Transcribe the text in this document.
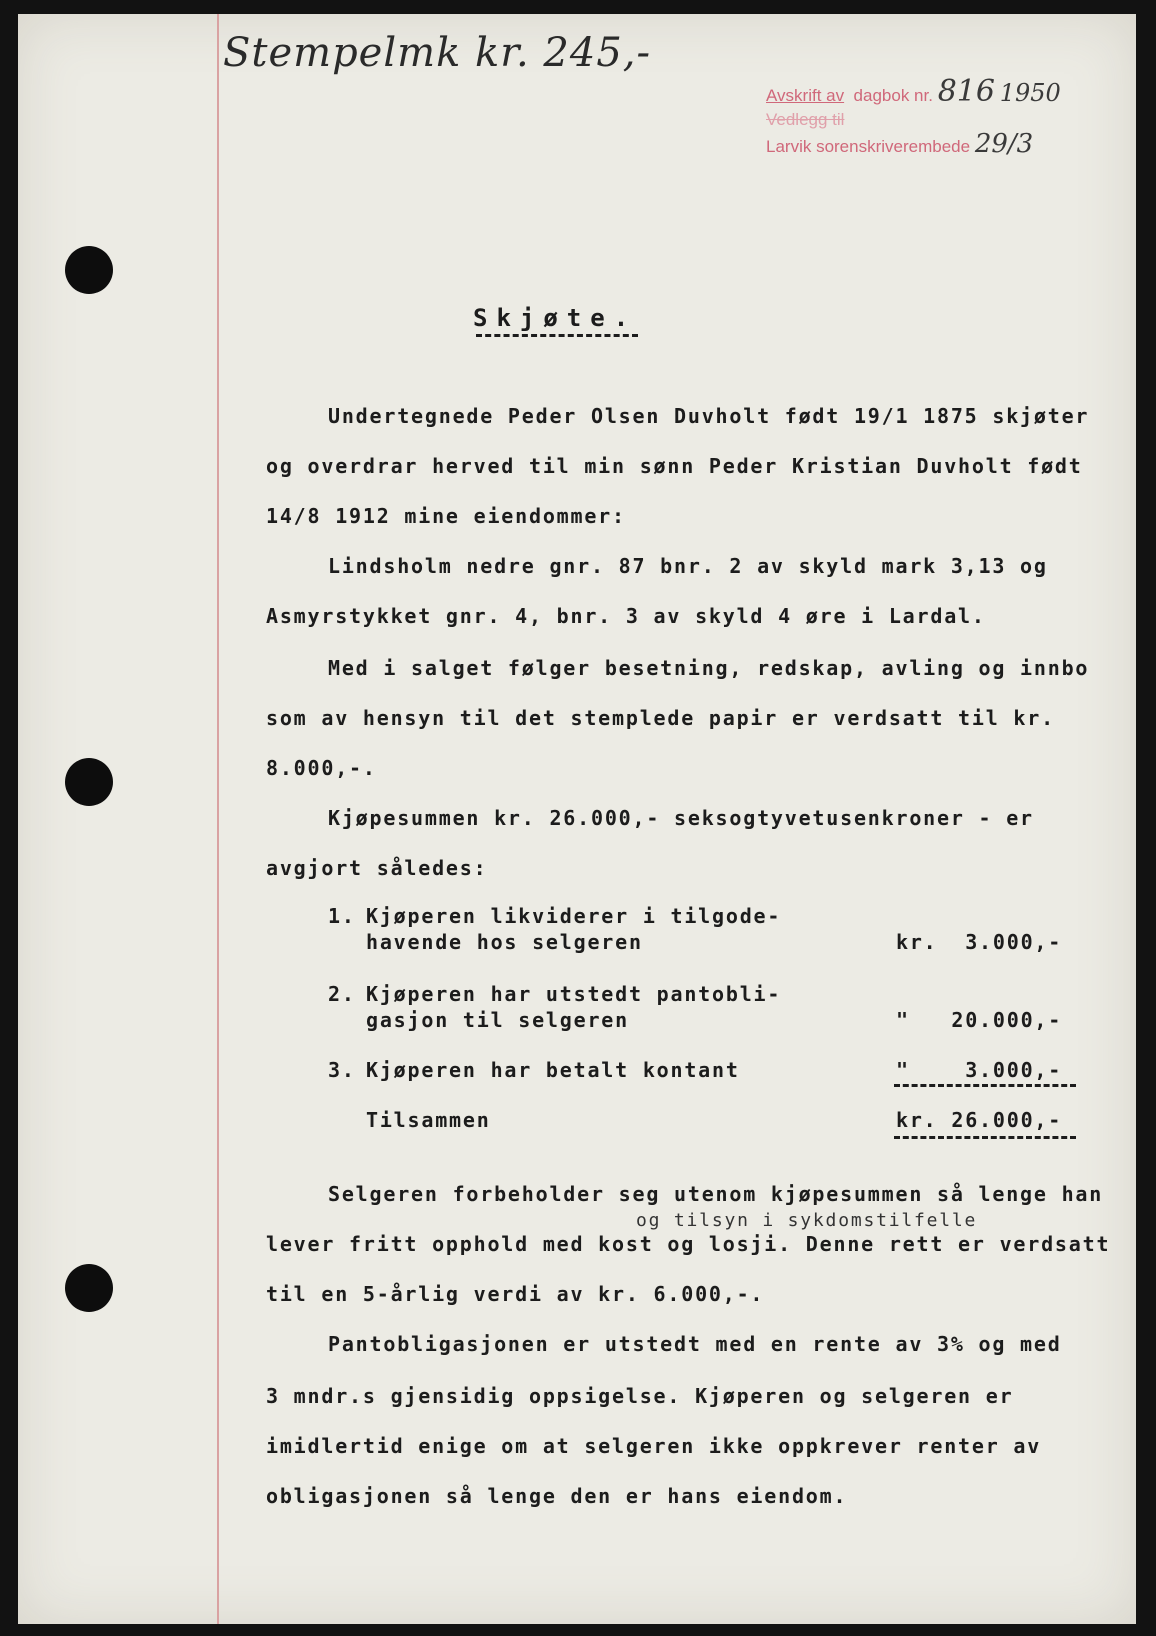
Stempelmk kr. 245,-
Avskrift av dagbok nr. 816 1950
Vedlegg til
Larvik sorenskriverembede 29/3
Skjøte.
Undertegnede Peder Olsen Duvholt født 19/1 1875 skjøter
og overdrar herved til min sønn Peder Kristian Duvholt født
14/8 1912 mine eiendommer:
Lindsholm nedre gnr. 87 bnr. 2 av skyld mark 3,13 og
Asmyrstykket gnr. 4, bnr. 3 av skyld 4 øre i Lardal.
Med i salget følger besetning, redskap, avling og innbo
som av hensyn til det stemplede papir er verdsatt til kr.
8.000,-.
Kjøpesummen kr. 26.000,- seksogtyvetusenkroner - er
avgjort således:
1. Kjøperen likviderer i tilgode-
havende hos selgeren	kr.  3.000,-
2. Kjøperen har utstedt pantobli-
gasjon til selgeren	"   20.000,-
3. Kjøperen har betalt kontant	"    3.000,-
Tilsammen	kr. 26.000,-
Selgeren forbeholder seg utenom kjøpesummen så lenge han
og tilsyn i sykdomstilfelle
lever fritt opphold med kost og losji. Denne rett er verdsatt
til en 5-årlig verdi av kr. 6.000,-.
Pantobligasjonen er utstedt med en rente av 3% og med
3 mndr.s gjensidig oppsigelse. Kjøperen og selgeren er
imidlertid enige om at selgeren ikke oppkrever renter av
obligasjonen så lenge den er hans eiendom.
